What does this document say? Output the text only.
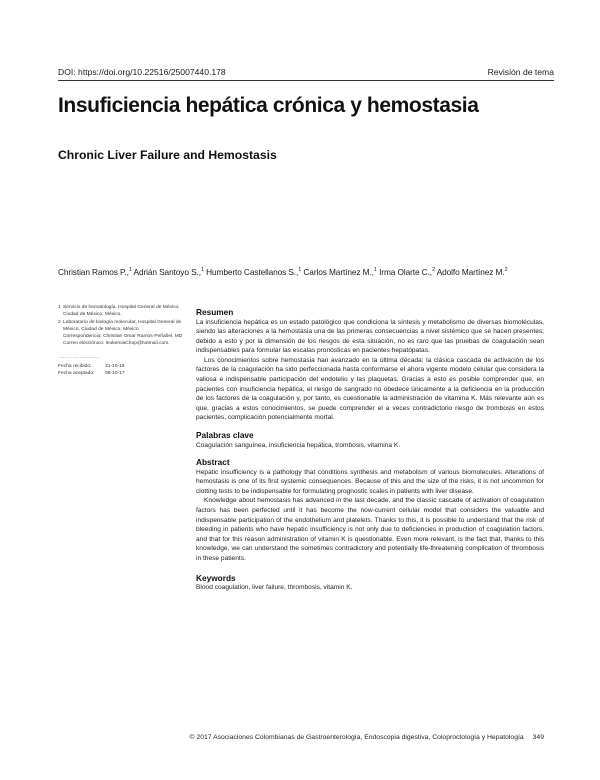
DOI: https://doi.org/10.22516/25007440.178	Revisión de tema
Insuficiencia hepática crónica y hemostasia
Chronic Liver Failure and Hemostasis
Christian Ramos P.,$^1$ Adrián Santoyo S.,$^1$ Humberto Castellanos S.,$^1$ Carlos Martínez M.,$^1$ Irma Olarte C.,$^2$ Adolfo Martínez M.$^2$
1 Servicio de hematología, Hospital General de México, Ciudad de México, México.
2 Laboratorio de biología molecular, Hospital General de México, Ciudad de México, México.
Correspondencia: Christian Omar Ramos-Peñafiel, MD Correo electrónico: leukemiaChop@hotmail.com.
.........................
Fecha recibido:	31-10-16
Fecha aceptado:	06-10-17
Resumen

La insuficiencia hepática es un estado patológico que condiciona la síntesis y metabolismo de diversas biomoléculas, siendo las alteraciones a la hemostasia una de las primeras consecuencias a nivel sistémico que se hacen presentes; debido a esto y por la dimensión de los riesgos de esta situación, no es raro que las pruebas de coagulación sean indispensables para formular las escalas pronósticas en pacientes hepatópatas.

Los conocimientos sobre hemostasia han avanzado en la última década; la clásica cascada de activación de los factores de la coagulación ha sido perfeccionada hasta conformarse el ahora vigente modelo celular que considera la valiosa e indispensable participación del endotelio y las plaquetas. Gracias a esto es posible comprender que, en pacientes con insuficiencia hepática, el riesgo de sangrado no obedece únicamente a la deficiencia en la producción de los factores de la coagulación y, por tanto, es cuestionable la administración de vitamina K. Más relevante aún es que, gracias a estos conocimientos, se puede comprender el a veces contradictorio riesgo de trombosis en estos pacientes, complicación potencialmente mortal.

Palabras clave

Coagulación sanguínea, insuficiencia hepática, trombosis, vitamina K.

Abstract

Hepatic insufficiency is a pathology that conditions synthesis and metabolism of various biomolecules. Alterations of hemostasis is one of its first systemic consequences. Because of this and the size of the risks, it is not uncommon for clotting tests to be indispensable for formulating prognostic scales in patients with liver disease.

Knowledge about hemostasis has advanced in the last decade, and the classic cascade of activation of coagulation factors has been perfected until it has become the now-current cellular model that considers the valuable and indispensable participation of the endothelium and platelets. Thanks to this, it is possible to understand that the risk of bleeding in patients who have hepatic insufficiency is not only due to deficiencies in production of coagulation factors, and that for this reason administration of vitamin K is questionable. Even more relevant, is the fact that, thanks to this knowledge, we can understand the sometimes contradictory and potentially life-threatening complication of thrombosis in these patients.

Keywords

Blood coagulation, liver failure, thrombosis, vitamin K.

© 2017 Asociaciones Colombianas de Gastroenterología, Endoscopia digestiva, Coloproctología y Hepatología 349
